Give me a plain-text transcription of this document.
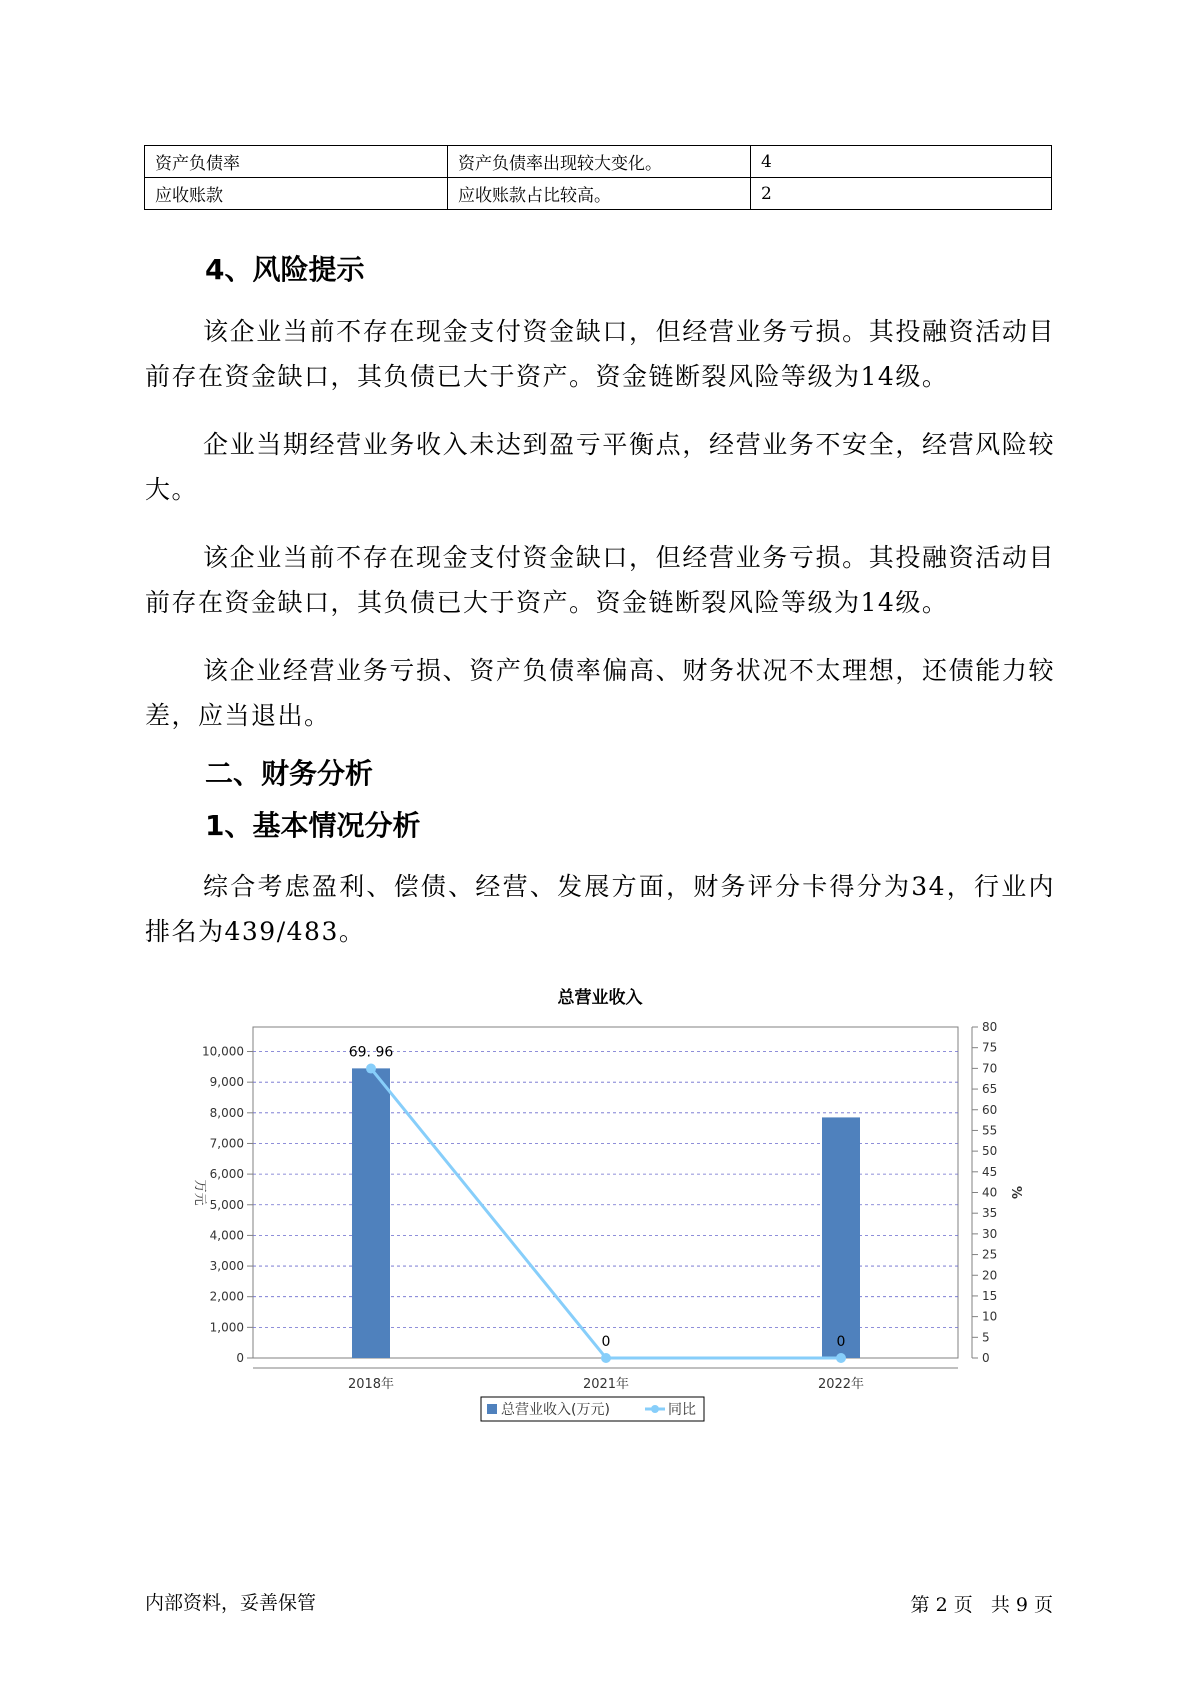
资产负债率	资产负债率出现较大变化。	4
应收账款	应收账款占比较高。	2
4、风险提示

该企业当前不存在现金支付资金缺口，但经营业务亏损。其投融资活动目前存在资金缺口，其负债已大于资产。资金链断裂风险等级为14级。

企业当期经营业务收入未达到盈亏平衡点，经营业务不安全，经营风险较大。

该企业当前不存在现金支付资金缺口，但经营业务亏损。其投融资活动目前存在资金缺口，其负债已大于资产。资金链断裂风险等级为14级。

该企业经营业务亏损、资产负债率偏高、财务状况不太理想，还债能力较差，应当退出。

二、财务分析
1、基本情况分析

综合考虑盈利、偿债、经营、发展方面，财务评分卡得分为34，行业内排名为439/483。

总营业收入
0
1,000
2,000
3,000
4,000
5,000
6,000
7,000
8,000
9,000
10,000
0
5
10
15
20
25
30
35
40
45
50
55
60
65
70
75
80
2018年	2021年	2022年
万元	%
69. 96
0	0
总营业收入(万元)	同比
内部资料，妥善保管	第 2 页   共 9 页
